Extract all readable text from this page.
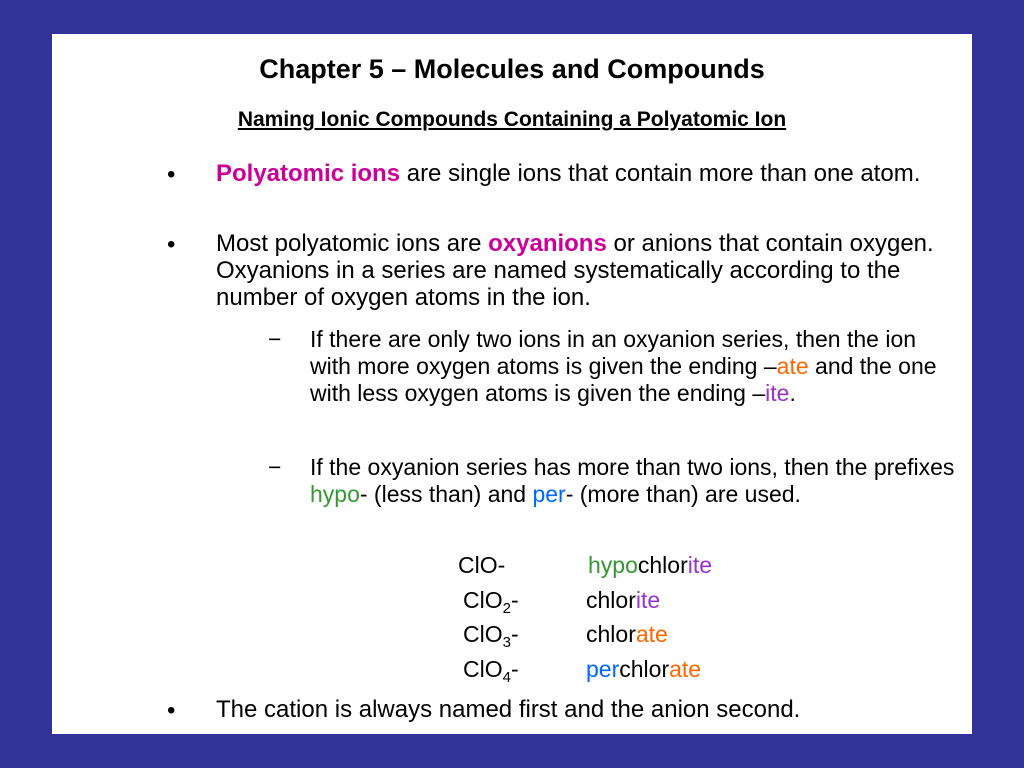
Chapter 5 – Molecules and Compounds
Naming Ionic Compounds Containing a Polyatomic Ion
• Polyatomic ions are single ions that contain more than one atom.
• Most polyatomic ions are oxyanions or anions that contain oxygen. Oxyanions in a series are named systematically according to the number of oxygen atoms in the ion.
− If there are only two ions in an oxyanion series, then the ion with more oxygen atoms is given the ending –ate and the one with less oxygen atoms is given the ending –ite.
− If the oxyanion series has more than two ions, then the prefixes hypo- (less than) and per- (more than) are used.
ClO-	hypochlorite
ClO$_2$-	chlorite
ClO$_3$-	chlorate
ClO$_4$-	perchlorate
• The cation is always named first and the anion second.
